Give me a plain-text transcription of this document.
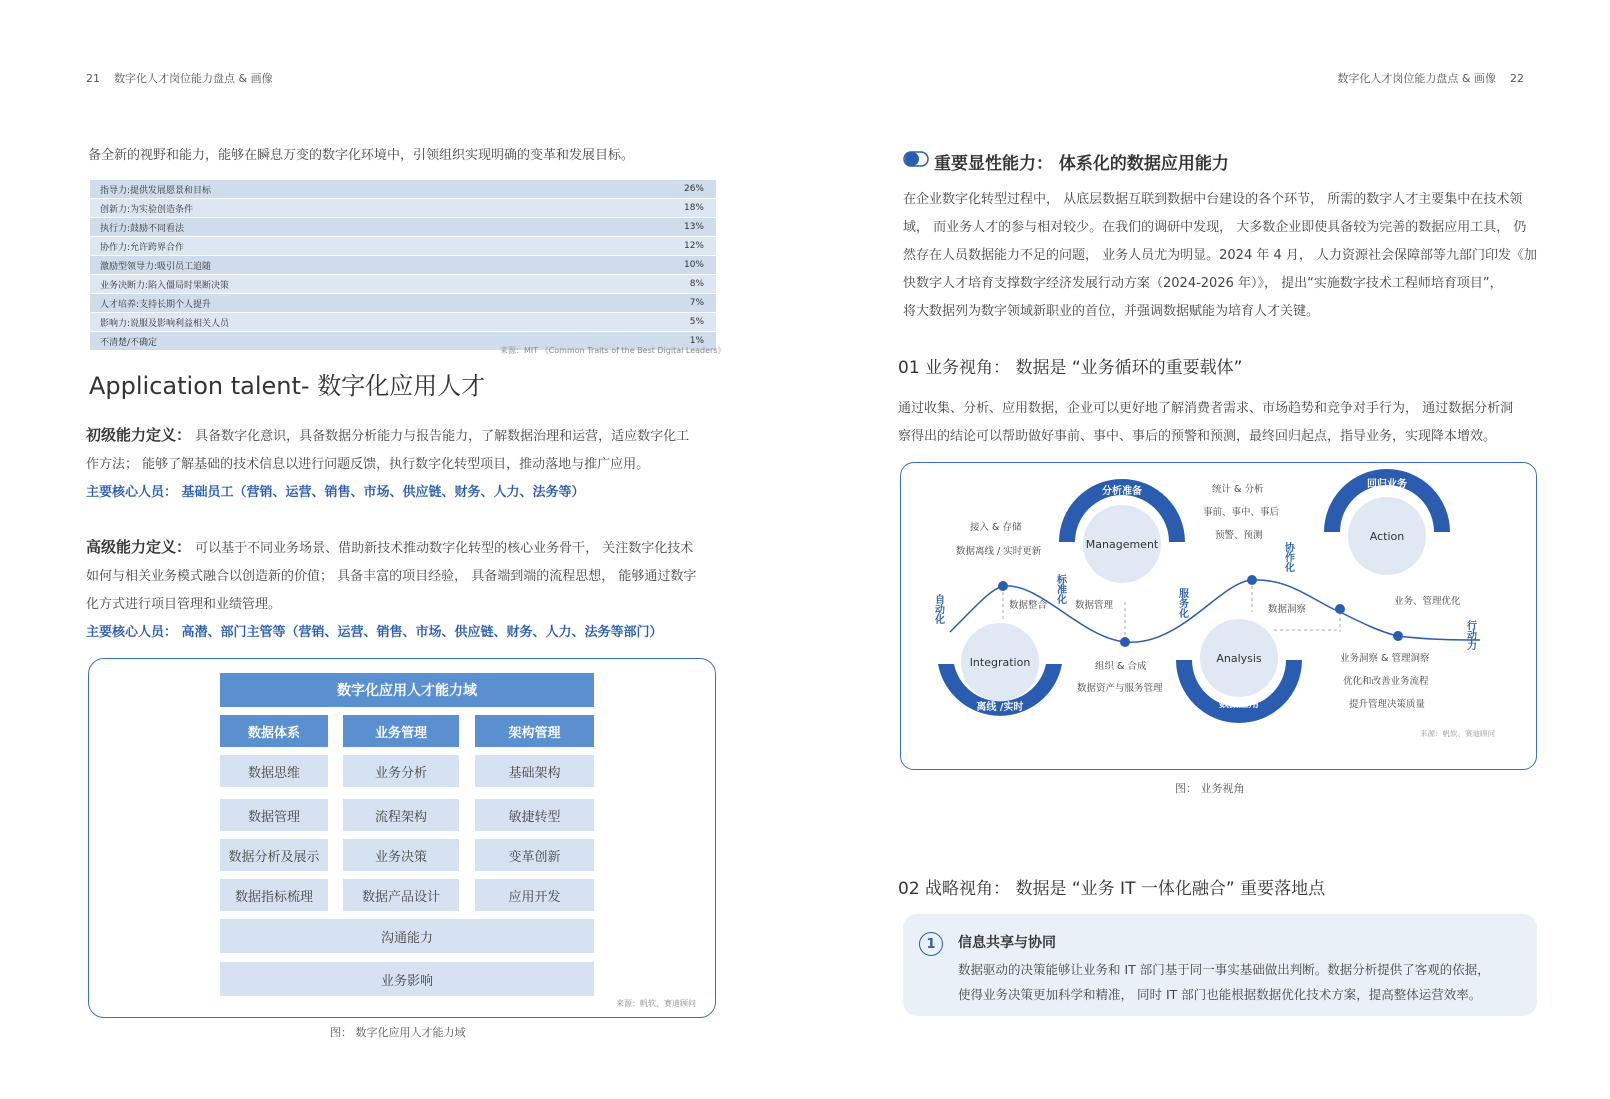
21 数字化人才岗位能力盘点 & 画像	数字化人才岗位能力盘点 & 画像 22
备全新的视野和能力，能够在瞬息万变的数字化环境中，引领组织实现明确的变革和发展目标。
指导力:提供发展愿景和目标	26%
创新力:为实验创造条件	18%
执行力:鼓励不同看法	13%
协作力:允许跨界合作	12%
激励型领导力:吸引员工追随	10%
业务决断力:陷入僵局时果断决策	8%
人才培养:支持长期个人提升	7%
影响力:说服及影响利益相关人员	5%
不清楚/不确定	1%
来源：MIT 《Common Traits of the Best Digital Leaders》
Application talent- 数字化应用人才
初级能力定义： 具备数字化意识，具备数据分析能力与报告能力，了解数据治理和运营，适应数字化工
作方法； 能够了解基础的技术信息以进行问题反馈，执行数字化转型项目，推动落地与推广应用。
主要核心人员： 基础员工（营销、运营、销售、市场、供应链、财务、人力、法务等）
高级能力定义： 可以基于不同业务场景、借助新技术推动数字化转型的核心业务骨干， 关注数字化技术
如何与相关业务模式融合以创造新的价值； 具备丰富的项目经验， 具备端到端的流程思想， 能够通过数字
化方式进行项目管理和业绩管理。
主要核心人员： 高潜、部门主管等（营销、运营、销售、市场、供应链、财务、人力、法务等部门）
数字化应用人才能力域
数据体系
数据思维
数据管理
数据分析及展示
数据指标梳理
业务管理
业务分析
流程架构
业务决策
数据产品设计
架构管理
基础架构
敏捷转型
变革创新
应用开发
沟通能力
业务影响
来源：帆软、赛迪顾问
图： 数字化应用人才能力域
重要显性能力： 体系化的数据应用能力
在企业数字化转型过程中， 从底层数据互联到数据中台建设的各个环节， 所需的数字人才主要集中在技术领
域， 而业务人才的参与相对较少。在我们的调研中发现， 大多数企业即使具备较为完善的数据应用工具， 仍
然存在人员数据能力不足的问题， 业务人员尤为明显。2024 年 4 月， 人力资源社会保障部等九部门印发《加
快数字人才培育支撑数字经济发展行动方案（2024-2026 年）》， 提出“实施数字技术工程师培育项目”，
将大数据列为数字领域新职业的首位，并强调数据赋能为培育人才关键。
01 业务视角： 数据是 “业务循环的重要载体”
通过收集、分析、应用数据，企业可以更好地了解消费者需求、市场趋势和竞争对手行为， 通过数据分析洞
察得出的结论可以帮助做好事前、事中、事后的预警和预测，最终回归起点，指导业务，实现降本增效。
Integration
离线 /实时
Management
分析准备
Analysis
数据应用
Action
回归业务
自动化
标准化	服务化
协作化
行动力
接入 & 存储
数据离线 / 实时更新
数据整合	数据管理
统计 & 分析
事前、事中、事后
预警、预测
组织 & 合成
数据资产与服务管理
数据洞察
业务、管理优化
业务洞察 & 管理洞察
优化和改善业务流程
提升管理决策质量
来源：帆软、赛迪顾问
图： 业务视角
02 战略视角： 数据是 “业务 IT 一体化融合” 重要落地点
1	信息共享与协同
数据驱动的决策能够让业务和 IT 部门基于同一事实基础做出判断。数据分析提供了客观的依据，
使得业务决策更加科学和精准， 同时 IT 部门也能根据数据优化技术方案，提高整体运营效率。
